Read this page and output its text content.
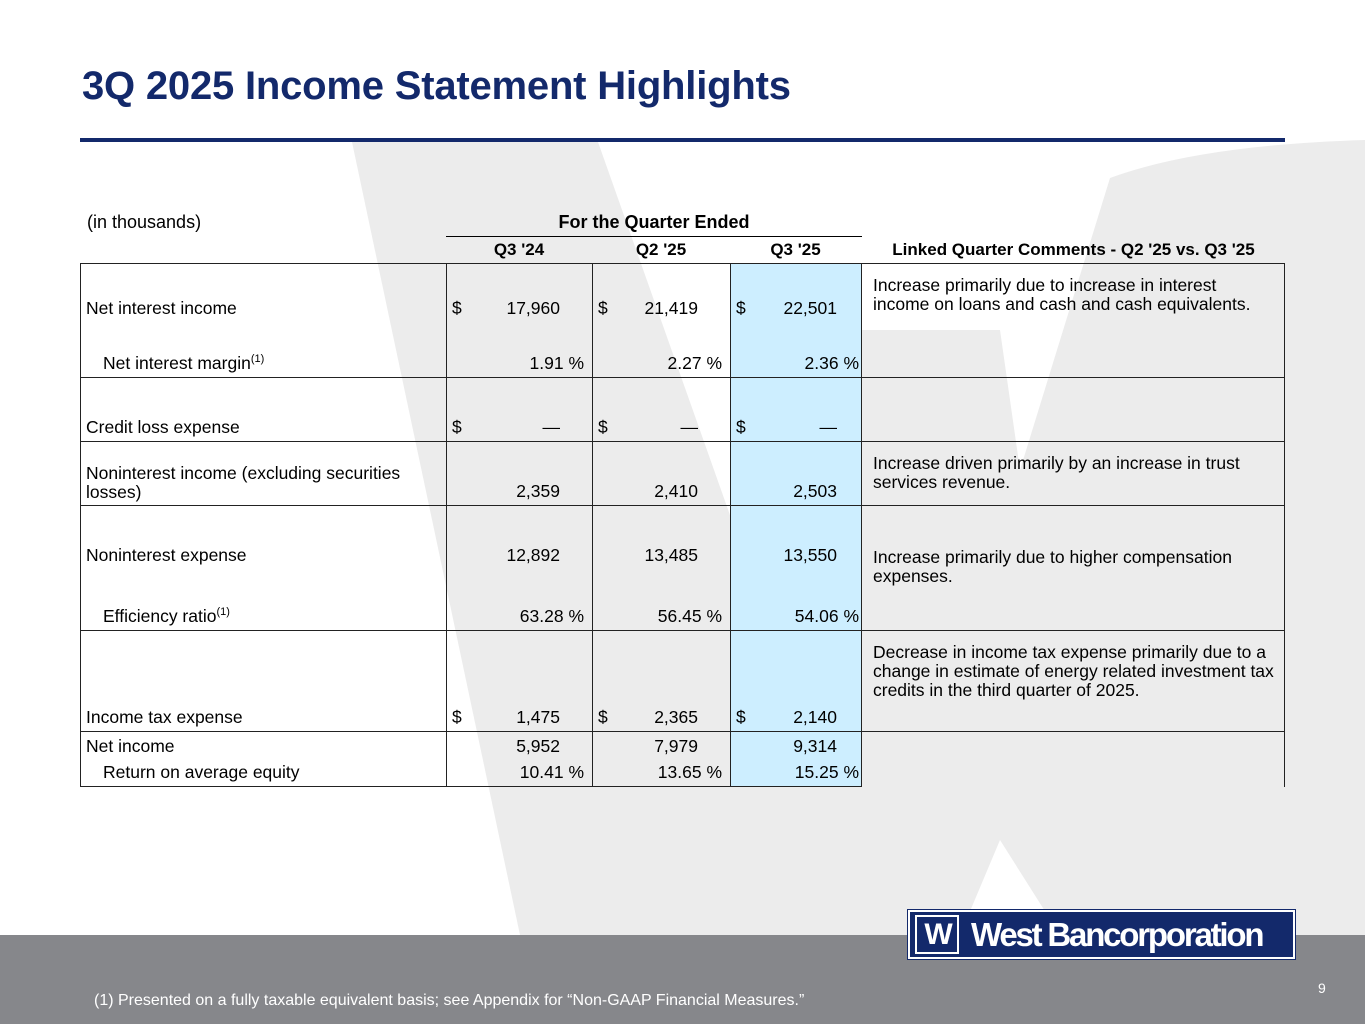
3Q 2025 Income Statement Highlights
(in thousands)	For the Quarter Ended
Q3 '24	Q2 '25	Q3 '25	Linked Quarter Comments - Q2 '25 vs. Q3 '25
Net interest income	$ 17,960	$ 21,419	$ 22,501	Increase primarily due to increase in interest income on loans and cash and cash equivalents.
Net interest margin$^{(1)}$	1.91 %	2.27 %	2.36 %	
Credit loss expense	$ —	$ —	$ —	
Noninterest income (excluding securities losses)	2,359	2,410	2,503	Increase driven primarily by an increase in trust services revenue.
Noninterest expense	12,892	13,485	13,550	Increase primarily due to higher compensation expenses.
Efficiency ratio$^{(1)}$	63.28 %	56.45 %	54.06 %	
Income tax expense	$ 1,475	$ 2,365	$ 2,140	Decrease in income tax expense primarily due to a change in estimate of energy related investment tax credits in the third quarter of 2025.
Net income	5,952	7,979	9,314	
Return on average equity	10.41 %	13.65 %	15.25 %	
W West Bancorporation
(1) Presented on a fully taxable equivalent basis; see Appendix for “Non-GAAP Financial Measures.”
9
